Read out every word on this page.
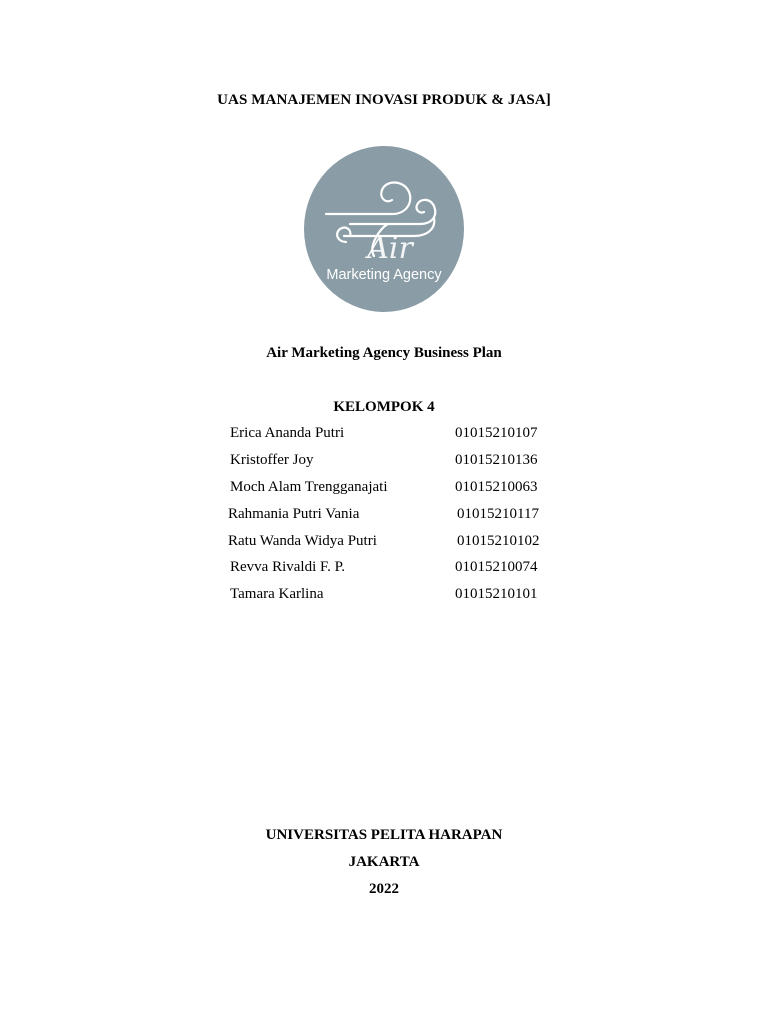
UAS MANAJEMEN INOVASI PRODUK & JASA]
Air
Marketing Agency
Air Marketing Agency Business Plan
KELOMPOK 4
Erica Ananda Putri	01015210107
Kristoffer Joy	01015210136
Moch Alam Trengganajati	01015210063
Rahmania Putri Vania	01015210117
Ratu Wanda Widya Putri	01015210102
Revva Rivaldi F. P.	01015210074
Tamara Karlina	01015210101
UNIVERSITAS PELITA HARAPAN
JAKARTA
2022
